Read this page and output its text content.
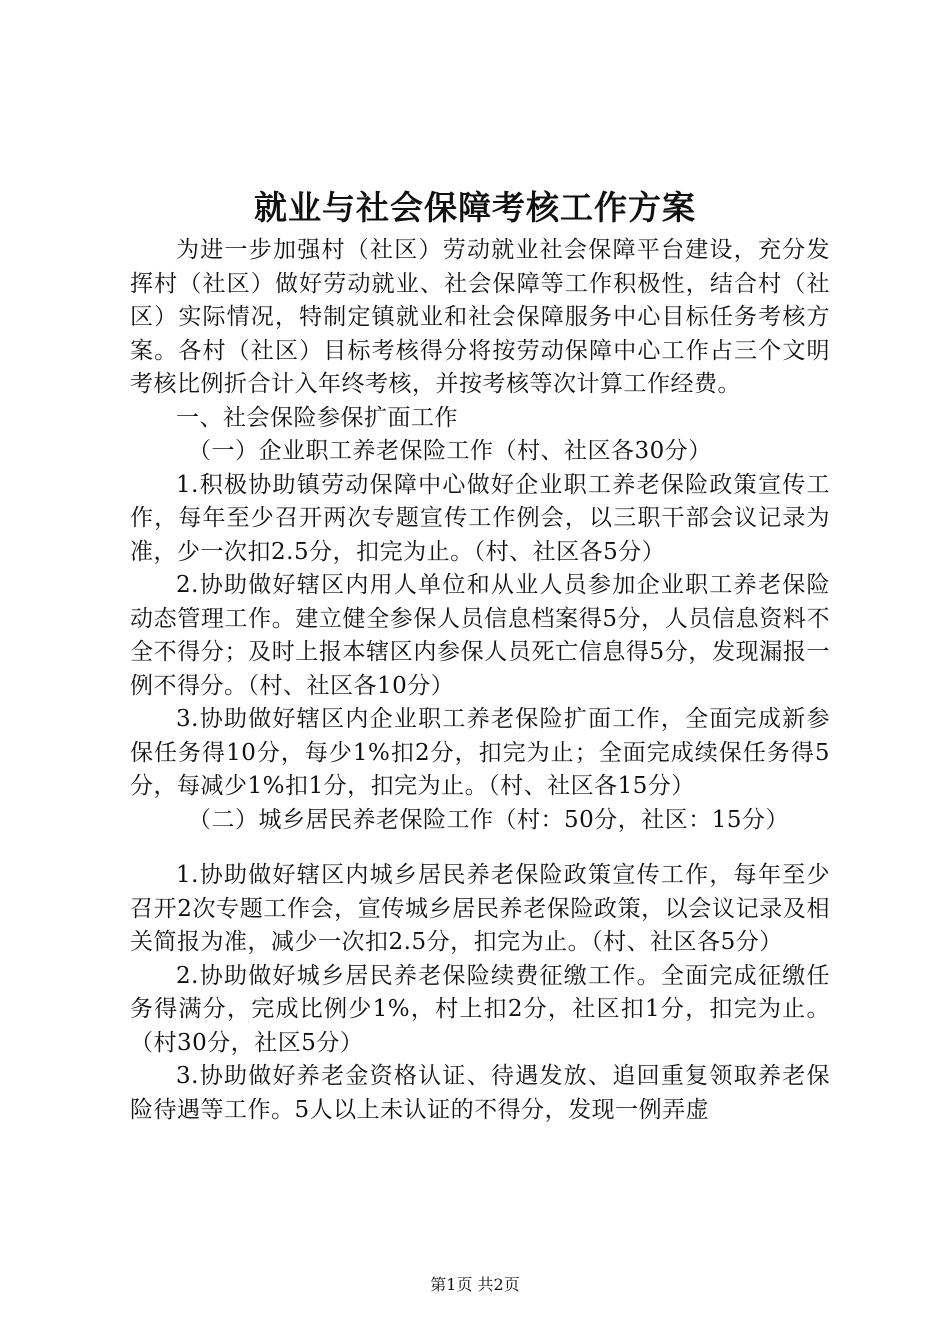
就业与社会保障考核工作方案

为进一步加强村（社区）劳动就业社会保障平台建设，充分发挥村（社区）做好劳动就业、社会保障等工作积极性，结合村（社区）实际情况，特制定镇就业和社会保障服务中心目标任务考核方案。各村（社区）目标考核得分将按劳动保障中心工作占三个文明考核比例折合计入年终考核，并按考核等次计算工作经费。

一、社会保险参保扩面工作

（一）企业职工养老保险工作（村、社区各30分）

1.积极协助镇劳动保障中心做好企业职工养老保险政策宣传工作，每年至少召开两次专题宣传工作例会，以三职干部会议记录为准，少一次扣2.5分，扣完为止。（村、社区各5分）

2.协助做好辖区内用人单位和从业人员参加企业职工养老保险动态管理工作。建立健全参保人员信息档案得5分，人员信息资料不全不得分；及时上报本辖区内参保人员死亡信息得5分，发现漏报一例不得分。（村、社区各10分）

3.协助做好辖区内企业职工养老保险扩面工作，全面完成新参保任务得10分，每少1%扣2分，扣完为止；全面完成续保任务得5分，每减少1%扣1分，扣完为止。（村、社区各15分）

（二）城乡居民养老保险工作（村：50分，社区：15分）

1.协助做好辖区内城乡居民养老保险政策宣传工作，每年至少召开2次专题工作会，宣传城乡居民养老保险政策，以会议记录及相关简报为准，减少一次扣2.5分，扣完为止。（村、社区各5分）

2.协助做好城乡居民养老保险续费征缴工作。全面完成征缴任务得满分，完成比例少1%，村上扣2分，社区扣1分，扣完为止。（村30分，社区5分）

3.协助做好养老金资格认证、待遇发放、追回重复领取养老保险待遇等工作。5人以上未认证的不得分，发现一例弄虚

第1页 共2页
